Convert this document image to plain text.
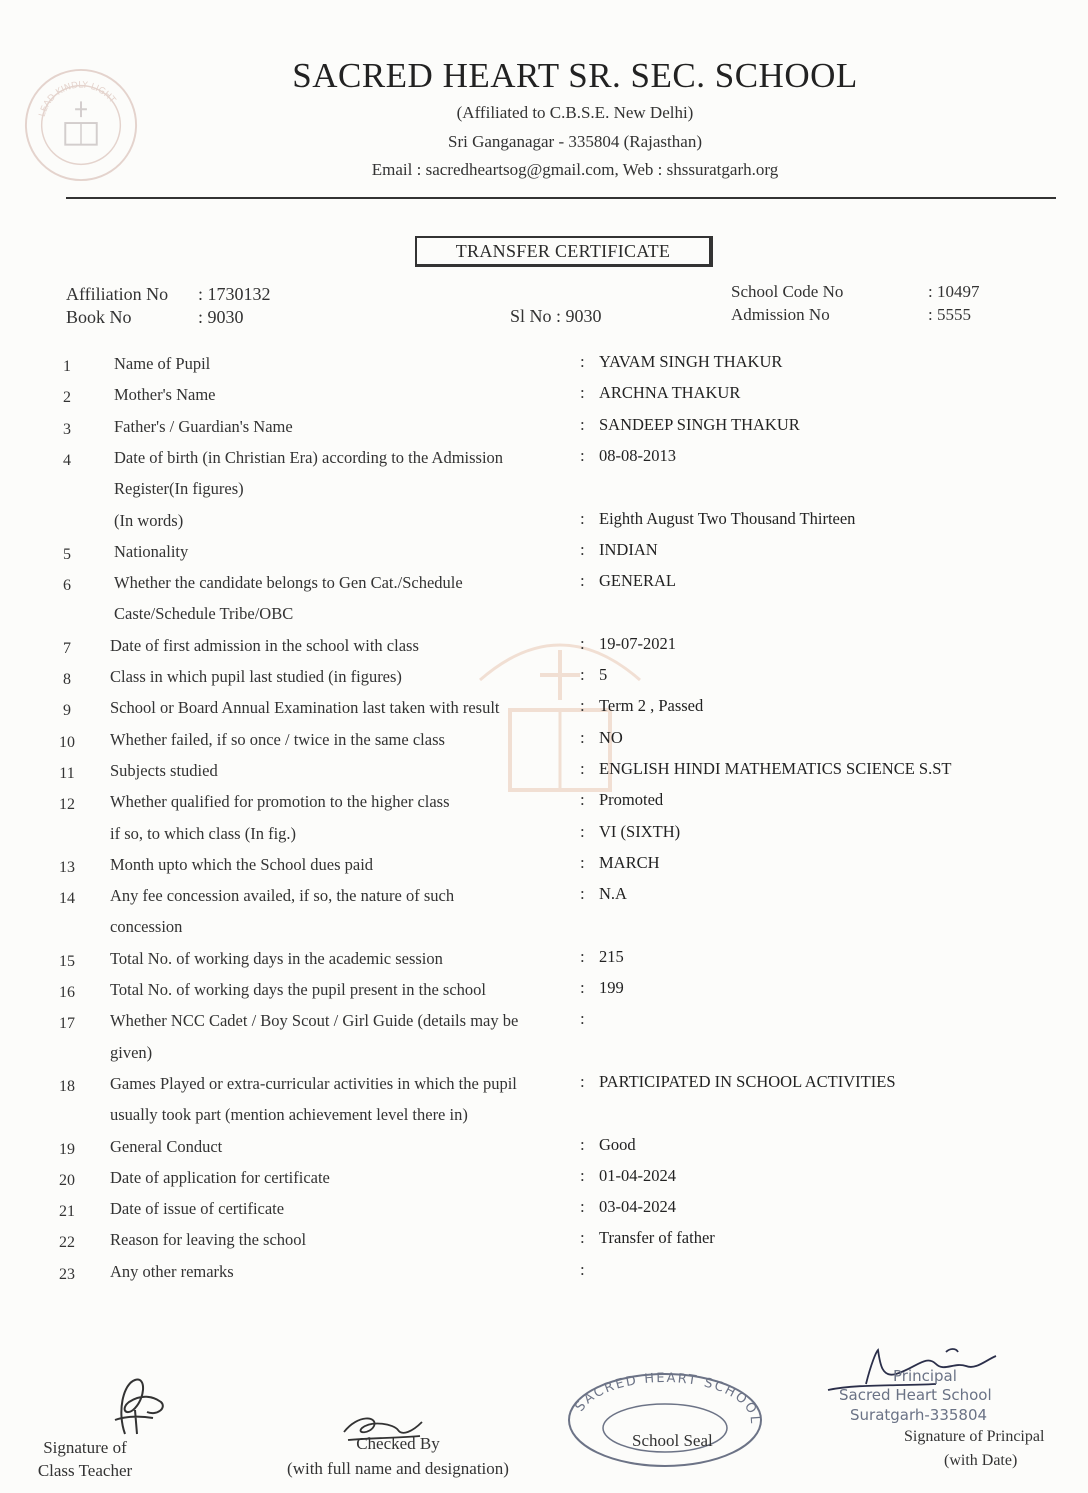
LEAD KINDLY LIGHT
SACRED HEART SR. SEC. SCHOOL
(Affiliated to C.B.S.E. New Delhi)
Sri Ganganagar - 335804 (Rajasthan)
Email : sacredheartsog@gmail.com, Web : shssuratgarh.org
TRANSFER CERTIFICATE
Affiliation No : 1730132
Book No	: 9030	Sl No : 9030
School Code No	: 10497
Admission No	: 5555
1	Name of Pupil	: YAVAM SINGH THAKUR
2	Mother's Name	: ARCHNA THAKUR
3	Father's / Guardian's Name	: SANDEEP SINGH THAKUR
4	Date of birth (in Christian Era) according to the Admission	: 08-08-2013
Register(In figures)
(In words)	: Eighth August Two Thousand Thirteen
5	Nationality	: INDIAN
6	Whether the candidate belongs to Gen Cat./Schedule	: GENERAL
Caste/Schedule Tribe/OBC
7	Date of first admission in the school with class	: 19-07-2021
8	Class in which pupil last studied (in figures)	: 5
9	School or Board Annual Examination last taken with result	: Term 2 , Passed
10	Whether failed, if so once / twice in the same class	: NO
11	Subjects studied	: ENGLISH HINDI MATHEMATICS SCIENCE S.ST
12	Whether qualified for promotion to the higher class	: Promoted
if so, to which class (In fig.)	: VI (SIXTH)
13	Month upto which the School dues paid	: MARCH
14	Any fee concession availed, if so, the nature of such	: N.A
concession
15	Total No. of working days in the academic session	: 215
16	Total No. of working days the pupil present in the school	: 199
17	Whether NCC Cadet / Boy Scout / Girl Guide (details may be	:
given)
18	Games Played or extra-curricular activities in which the pupil	: PARTICIPATED IN SCHOOL ACTIVITIES
usually took part (mention achievement level there in)
19	General Conduct	: Good
20	Date of application for certificate	: 01-04-2024
21	Date of issue of certificate	: 03-04-2024
22	Reason for leaving the school	: Transfer of father
23	Any other remarks	:
Signature of
Class Teacher
Checked By
(with full name and designation)
SACRED HEART SCHOOL
School Seal
Principal
Sacred Heart School
Suratgarh-335804
Signature of Principal
(with Date)
